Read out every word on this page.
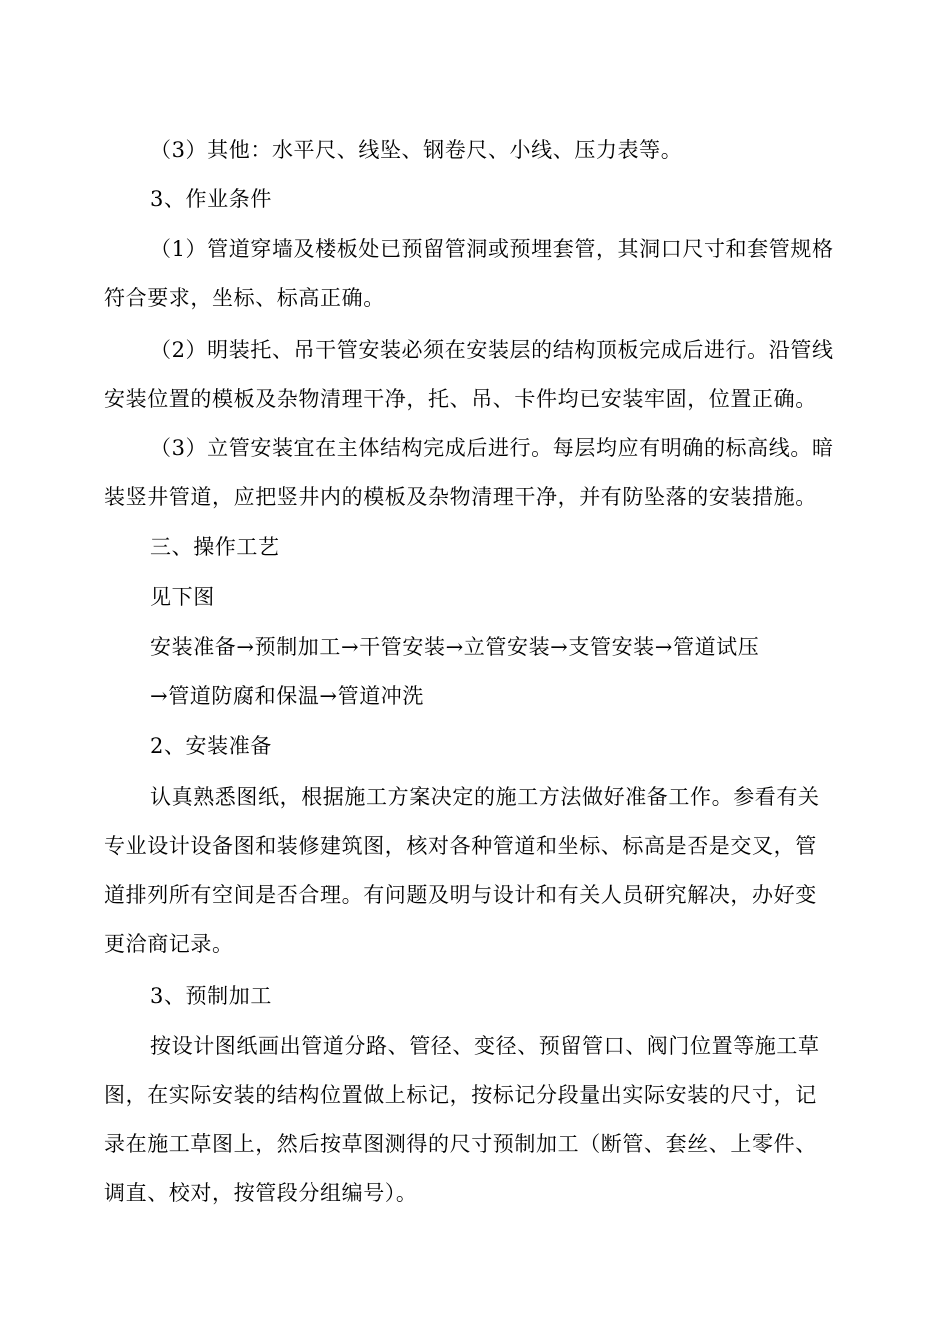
（3）其他：水平尺、线坠、钢卷尺、小线、压力表等。
3、作业条件
（1）管道穿墙及楼板处已预留管洞或预埋套管，其洞口尺寸和套管规格
符合要求，坐标、标高正确。
（2）明装托、吊干管安装必须在安装层的结构顶板完成后进行。沿管线
安装位置的模板及杂物清理干净，托、吊、卡件均已安装牢固，位置正确。
（3）立管安装宜在主体结构完成后进行。每层均应有明确的标高线。暗
装竖井管道，应把竖井内的模板及杂物清理干净，并有防坠落的安装措施。
三、操作工艺
见下图
安装准备→预制加工→干管安装→立管安装→支管安装→管道试压
→管道防腐和保温→管道冲洗
2、安装准备
认真熟悉图纸，根据施工方案决定的施工方法做好准备工作。参看有关
专业设计设备图和装修建筑图，核对各种管道和坐标、标高是否是交叉，管
道排列所有空间是否合理。有问题及明与设计和有关人员研究解决，办好变
更洽商记录。
3、预制加工
按设计图纸画出管道分路、管径、变径、预留管口、阀门位置等施工草
图，在实际安装的结构位置做上标记，按标记分段量出实际安装的尺寸，记
录在施工草图上，然后按草图测得的尺寸预制加工（断管、套丝、上零件、
调直、校对，按管段分组编号）。
